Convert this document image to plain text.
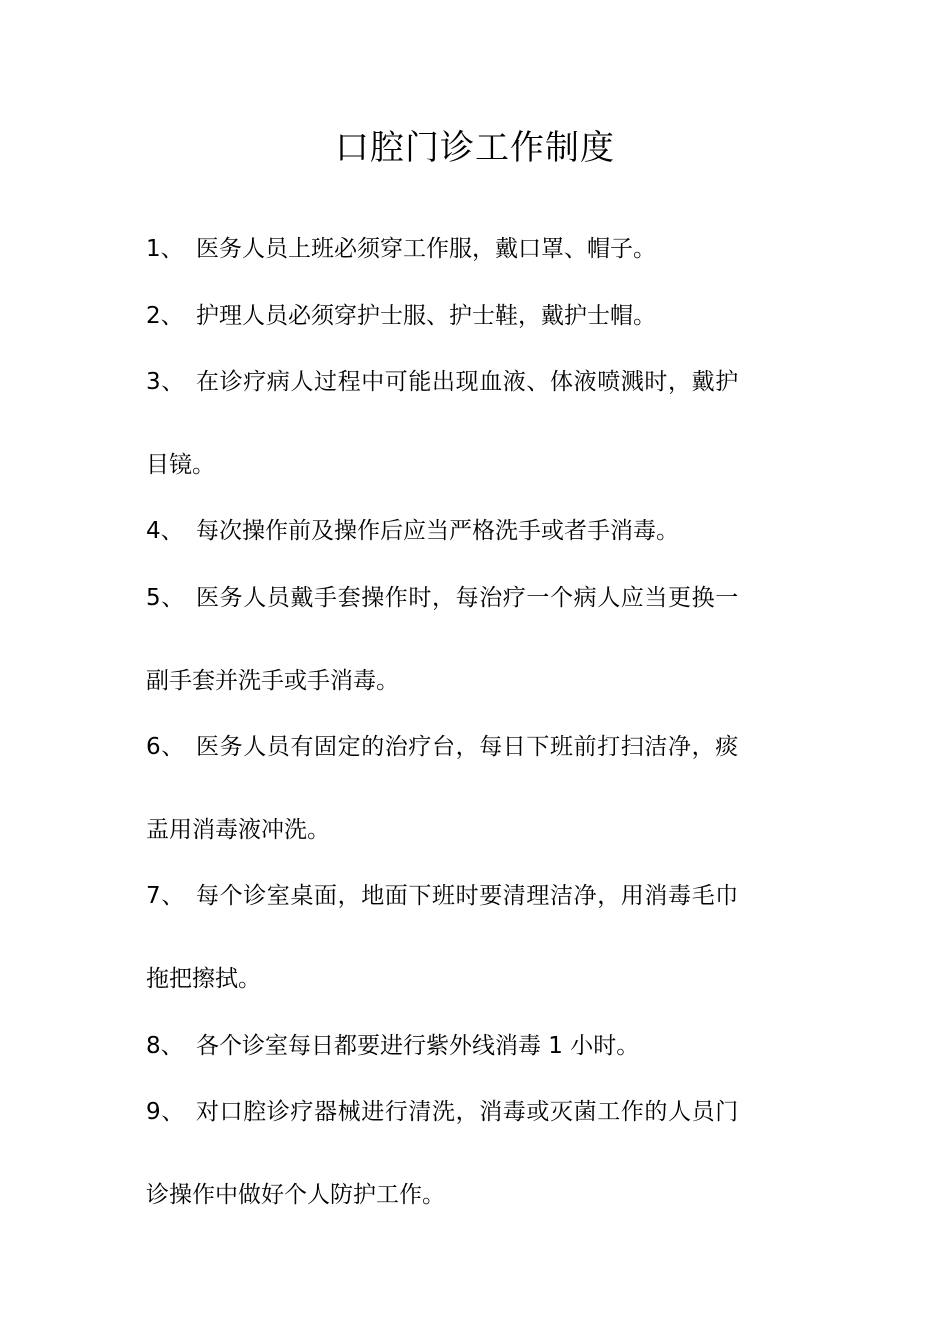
口腔门诊工作制度
1、 医务人员上班必须穿工作服，戴口罩、帽子。
2、 护理人员必须穿护士服、护士鞋，戴护士帽。
3、 在诊疗病人过程中可能出现血液、体液喷溅时，戴护
目镜。
4、 每次操作前及操作后应当严格洗手或者手消毒。
5、 医务人员戴手套操作时，每治疗一个病人应当更换一
副手套并洗手或手消毒。
6、 医务人员有固定的治疗台，每日下班前打扫洁净，痰
盂用消毒液冲洗。
7、 每个诊室桌面，地面下班时要清理洁净，用消毒毛巾
拖把擦拭。
8、 各个诊室每日都要进行紫外线消毒 1 小时。
9、 对口腔诊疗器械进行清洗，消毒或灭菌工作的人员门
诊操作中做好个人防护工作。
